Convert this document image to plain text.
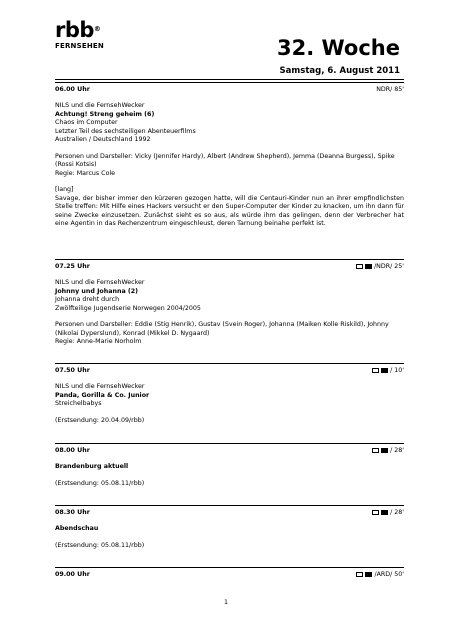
rbb®
FERNSEHEN	32. Woche
Samstag, 6. August 2011
06.00 Uhr	NDR/ 85'
NILS und die FernsehWecker
Achtung! Streng geheim (6)
Chaos im Computer
Letzter Teil des sechsteiligen Abenteuerfilms
Australien / Deutschland 1992
Personen und Darsteller: Vicky (Jennifer Hardy), Albert (Andrew Shepherd), Jemma (Deanna Burgess), Spike
(Rossi Kotsis)
Regie: Marcus Cole
[lang]
Savage, der bisher immer den kürzeren gezogen hatte, will die Centauri-Kinder nun an ihrer empfindlichsten Stelle treffen: Mit Hilfe eines Hackers versucht er den Super-Computer der Kinder zu knacken, um ihn dann für seine Zwecke einzusetzen. Zunächst sieht es so aus, als würde ihm das gelingen, denn der Verbrecher hat eine Agentin in das Rechenzentrum eingeschleust, deren Tarnung beinahe perfekt ist.
07.25 Uhr	/NDR/ 25'
NILS und die FernsehWecker
Johnny und Johanna (2)
Johanna dreht durch
Zwölfteilige Jugendserie Norwegen 2004/2005
Personen und Darsteller: Eddie (Stig Henrik), Gustav (Svein Roger), Johanna (Maiken Kolle Riskild), Johnny
(Nikolai Dyperslund), Konrad (Mikkel D. Nygaard)
Regie: Anne-Marie Norholm
07.50 Uhr	/ 10'
NILS und die FernsehWecker
Panda, Gorilla & Co. Junior
Streichelbabys
(Erstsendung: 20.04.09/rbb)
08.00 Uhr	/ 28'
Brandenburg aktuell
(Erstsendung: 05.08.11/rbb)
08.30 Uhr	/ 28'
Abendschau
(Erstsendung: 05.08.11/rbb)
09.00 Uhr	/ARD/ 50'
1
